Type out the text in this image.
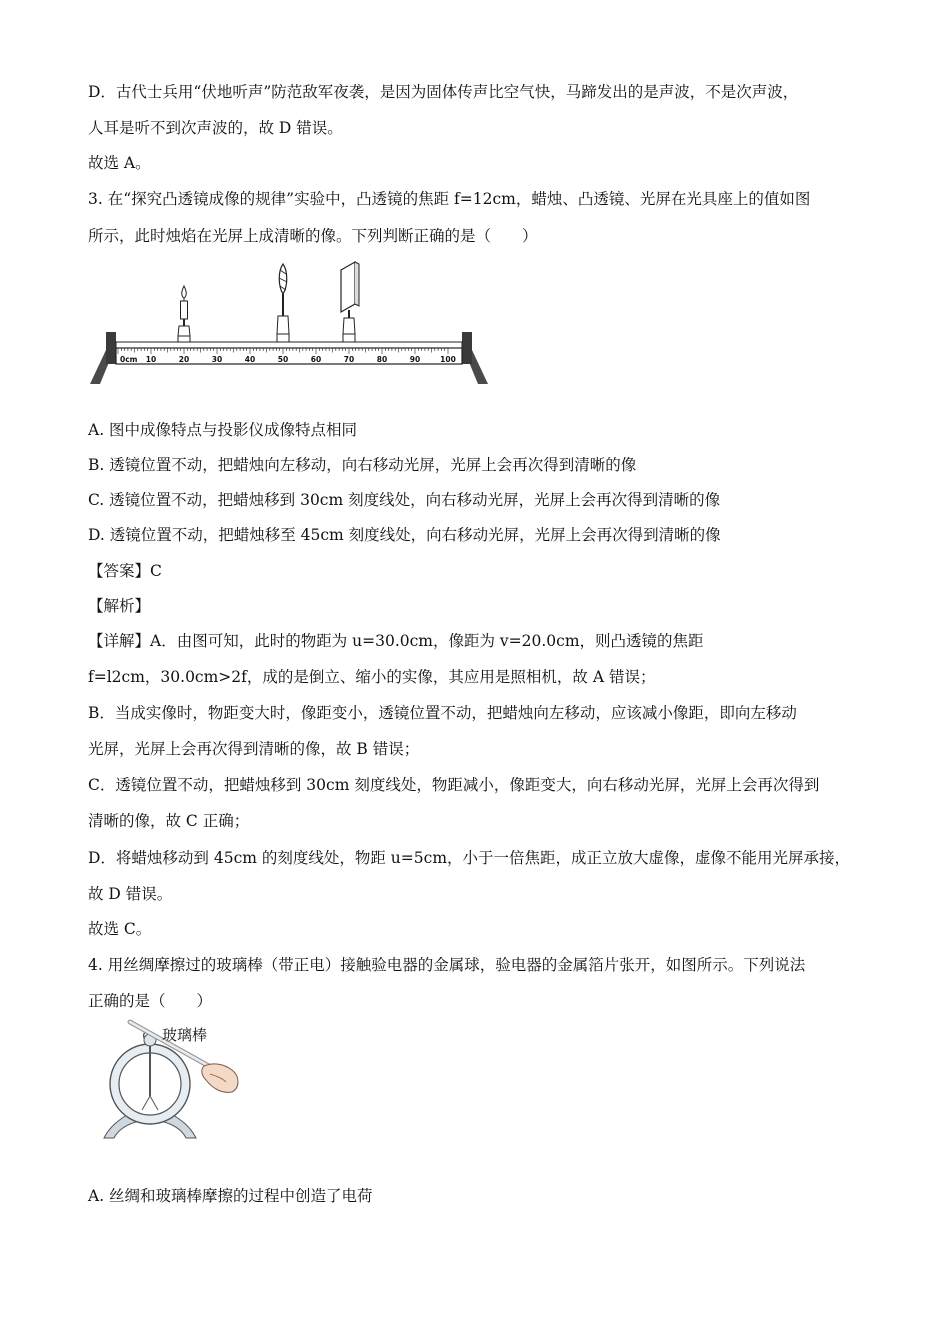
D．古代士兵用“伏地听声”防范敌军夜袭，是因为固体传声比空气快，马蹄发出的是声波，不是次声波，
人耳是听不到次声波的，故 D 错误。
故选 A。
3. 在“探究凸透镜成像的规律”实验中，凸透镜的焦距 f=12cm，蜡烛、凸透镜、光屏在光具座上的值如图
所示，此时烛焰在光屏上成清晰的像。下列判断正确的是（　　）
0cm 10	20	30	40	50	60	70	80	90	100
A. 图中成像特点与投影仪成像特点相同
B. 透镜位置不动，把蜡烛向左移动，向右移动光屏，光屏上会再次得到清晰的像
C. 透镜位置不动，把蜡烛移到 30cm 刻度线处，向右移动光屏，光屏上会再次得到清晰的像
D. 透镜位置不动，把蜡烛移至 45cm 刻度线处，向右移动光屏，光屏上会再次得到清晰的像
【答案】C
【解析】
【详解】A．由图可知，此时的物距为 u=30.0cm，像距为 v=20.0cm，则凸透镜的焦距
f=l2cm，30.0cm>2f，成的是倒立、缩小的实像，其应用是照相机，故 A 错误；
B．当成实像时，物距变大时，像距变小，透镜位置不动，把蜡烛向左移动，应该减小像距，即向左移动
光屏，光屏上会再次得到清晰的像，故 B 错误；
C．透镜位置不动，把蜡烛移到 30cm 刻度线处，物距减小，像距变大，向右移动光屏，光屏上会再次得到
清晰的像，故 C 正确；
D．将蜡烛移动到 45cm 的刻度线处，物距 u=5cm，小于一倍焦距，成正立放大虚像，虚像不能用光屏承接，
故 D 错误。
故选 C。
4. 用丝绸摩擦过的玻璃棒（带正电）接触验电器的金属球，验电器的金属箔片张开，如图所示。下列说法
正确的是（　　）
玻璃棒
A. 丝绸和玻璃棒摩擦的过程中创造了电荷
